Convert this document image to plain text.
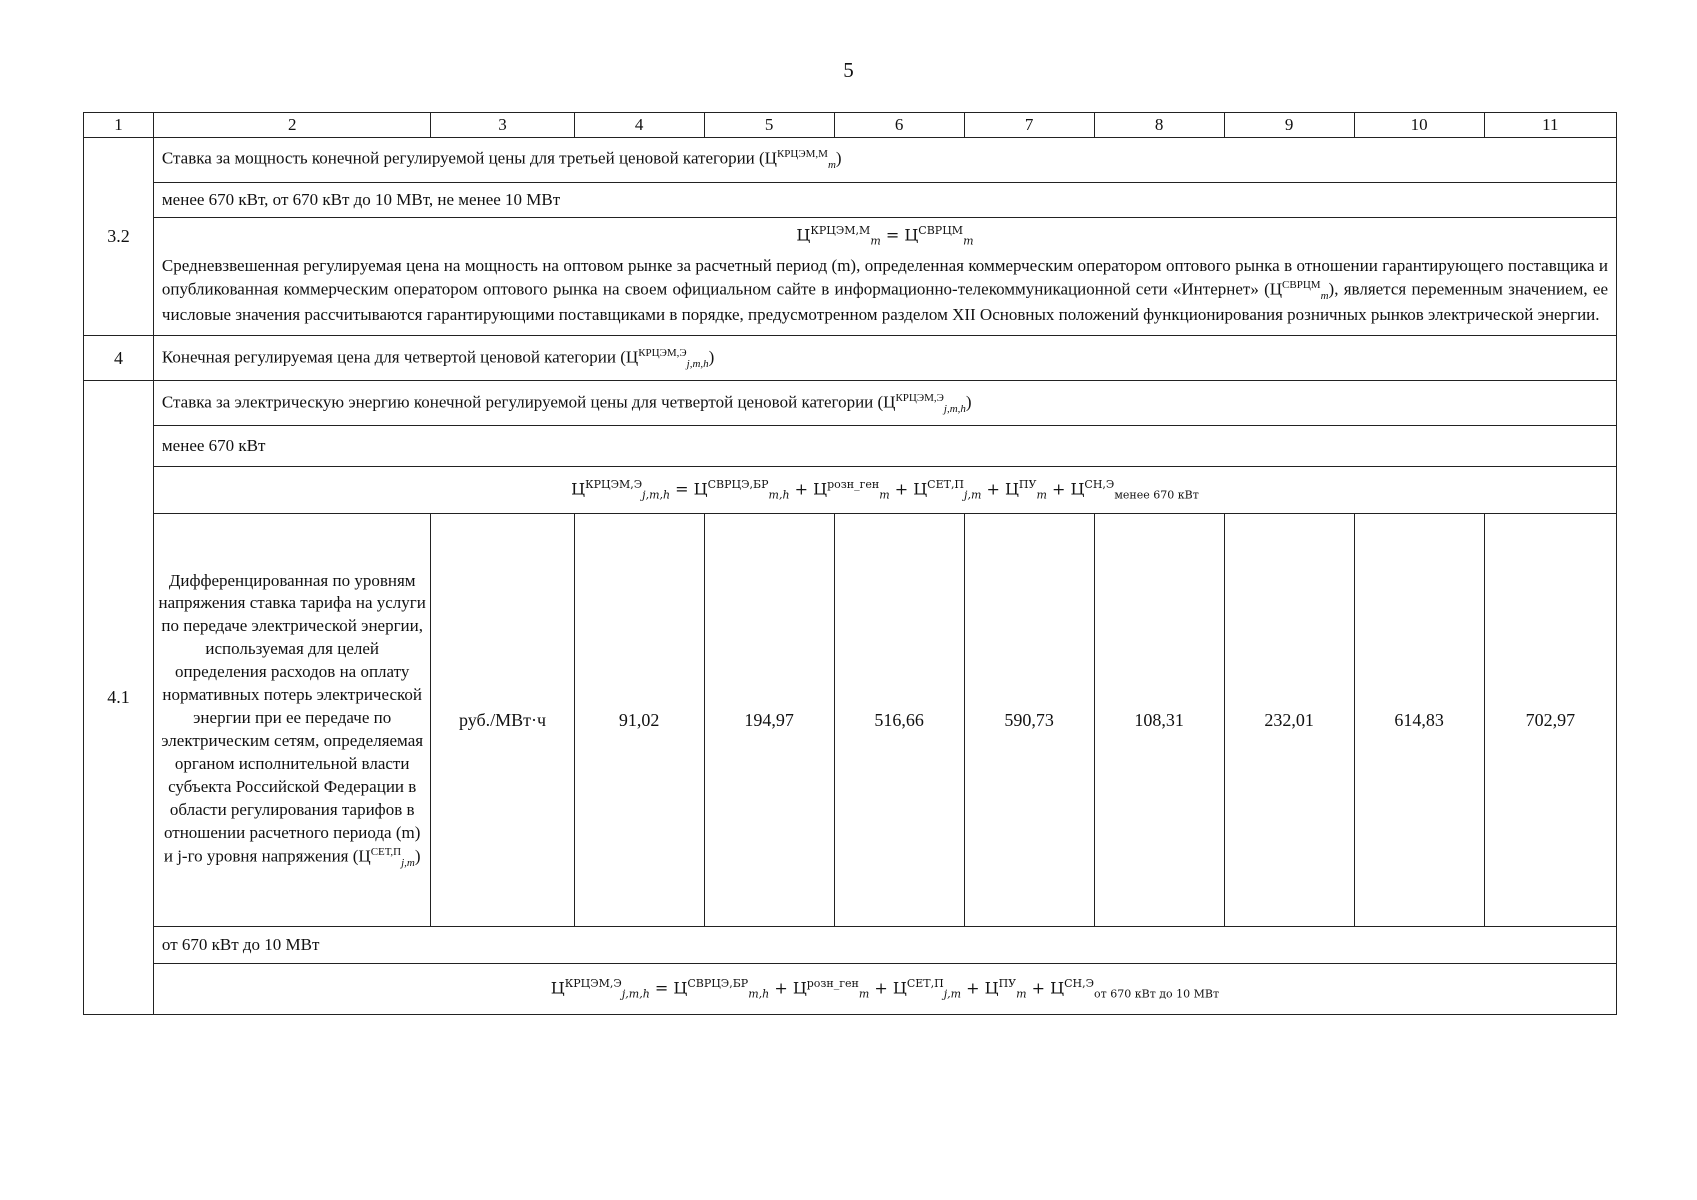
5
1	2	3	4	5	6	7	8	9	10	11
3.2	Ставка за мощность конечной регулируемой цены для третьей ценовой категории $(Ц^{КРЦЭМ,М}_m)$									
	менее 670 кВт, от 670 кВт до 10 МВт, не менее 10 МВт									

	$Ц^{КРЦЭМ,М}_m = Ц^{СВРЦМ}_m$
Средневзвешенная регулируемая цена на мощность на оптовом рынке за расчетный период (m), определенная коммерческим оператором оптового рынка в отношении гарантирующего поставщика и опубликованная коммерческим оператором оптового рынка на своем официальном сайте в информационно-телекоммуникационной сети «Интернет» $(Ц^{СВРЦМ}_m)$, является переменным значением, ее числовые значения рассчитываются гарантирующими поставщиками в порядке, предусмотренном разделом XII Основных положений функционирования розничных рынков электрической энергии.									

4	Конечная регулируемая цена для четвертой ценовой категории $(Ц^{КРЦЭМ,Э}_{j,m,h})$									
4.1	Ставка за электрическую энергию конечной регулируемой цены для четвертой ценовой категории $(Ц^{КРЦЭМ,Э}_{j,m,h})$									
	менее 670 кВт									
	$Ц^{КРЦЭМ,Э}_{j,m,h} = Ц^{СВРЦЭ,БР}_{m,h} + Ц^{розн\_ген}_m + Ц^{СЕТ,П}_{j,m} + Ц^{ПУ}_m + Ц^{СН,Э}_{менее 670 кВт}$
	Дифференцированная по уровням напряжения ставка тарифа на услуги по передаче электрической энергии, используемая для целей определения расходов на оплату нормативных потерь электрической энергии при ее передаче по электрическим сетям, определяемая органом исполнительной власти субъекта Российской Федерации в области регулирования тарифов в отношении расчетного периода (m) и j-го уровня напряжения $(Ц^{СЕТ,П}_{j,m})$	руб./МВт·ч	91,02	194,97	516,66	590,73	108,31	232,01	614,83	702,97
	от 670 кВт до 10 МВт									
	$Ц^{КРЦЭМ,Э}_{j,m,h} = Ц^{СВРЦЭ,БР}_{m,h} + Ц^{розн\_ген}_m + Ц^{СЕТ,П}_{j,m} + Ц^{ПУ}_m + Ц^{СН,Э}_{от 670 кВт до 10 МВт}$
